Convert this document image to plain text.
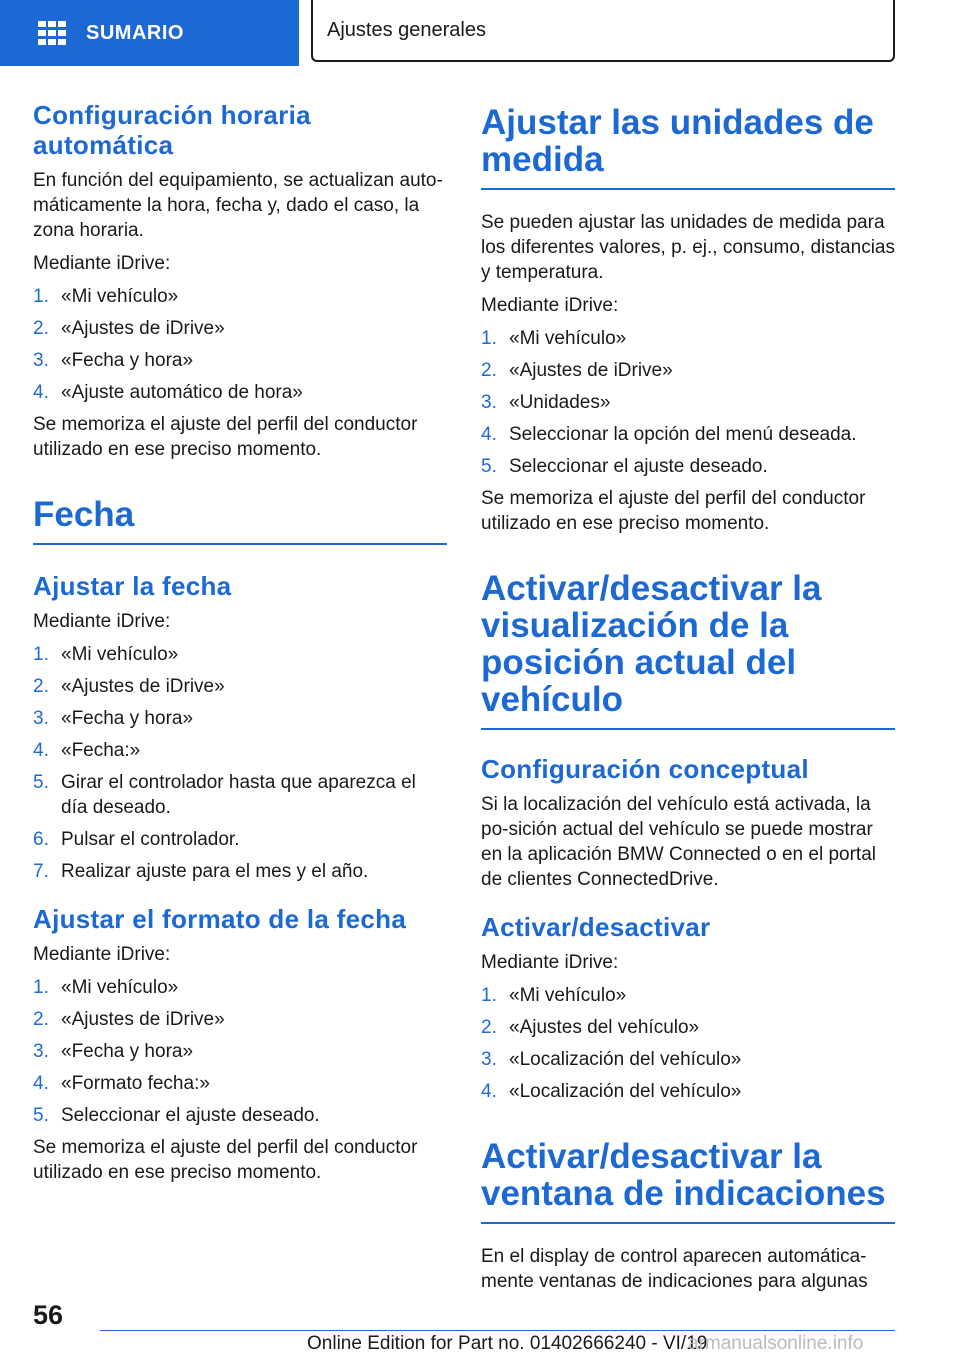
SUMARIO	Ajustes generales
Configuración horaria automática

En función del equipamiento, se actualizan auto-máticamente la hora, fecha y, dado el caso, la zona horaria.

Mediante iDrive:

1. «Mi vehículo»
2. «Ajustes de iDrive»
3. «Fecha y hora»
4. «Ajuste automático de hora»

Se memoriza el ajuste del perfil del conductor utilizado en ese preciso momento.

Fecha
Ajustar la fecha

Mediante iDrive:

1. «Mi vehículo»
2. «Ajustes de iDrive»
3. «Fecha y hora»
4. «Fecha:»
5. Girar el controlador hasta que aparezca el día deseado.
6. Pulsar el controlador.
7. Realizar ajuste para el mes y el año.
Ajustar el formato de la fecha

Mediante iDrive:

1. «Mi vehículo»
2. «Ajustes de iDrive»
3. «Fecha y hora»
4. «Formato fecha:»
5. Seleccionar el ajuste deseado.

Se memoriza el ajuste del perfil del conductor utilizado en ese preciso momento.

Ajustar las unidades de medida

Se pueden ajustar las unidades de medida para los diferentes valores, p. ej., consumo, distancias y temperatura.

Mediante iDrive:

1. «Mi vehículo»
2. «Ajustes de iDrive»
3. «Unidades»
4. Seleccionar la opción del menú deseada.
5. Seleccionar el ajuste deseado.

Se memoriza el ajuste del perfil del conductor utilizado en ese preciso momento.

Activar/desactivar la visualización de la posición actual del vehículo
Configuración conceptual

Si la localización del vehículo está activada, la po-sición actual del vehículo se puede mostrar en la aplicación BMW Connected o en el portal de clientes ConnectedDrive.

Activar/desactivar

Mediante iDrive:

1. «Mi vehículo»
2. «Ajustes del vehículo»
3. «Localización del vehículo»
4. «Localización del vehículo»
Activar/desactivar la ventana de indicaciones

En el display de control aparecen automática-mente ventanas de indicaciones para algunas

56
Online Edition for Part no. 01402666240 - VI/19
armanualsonline.info
